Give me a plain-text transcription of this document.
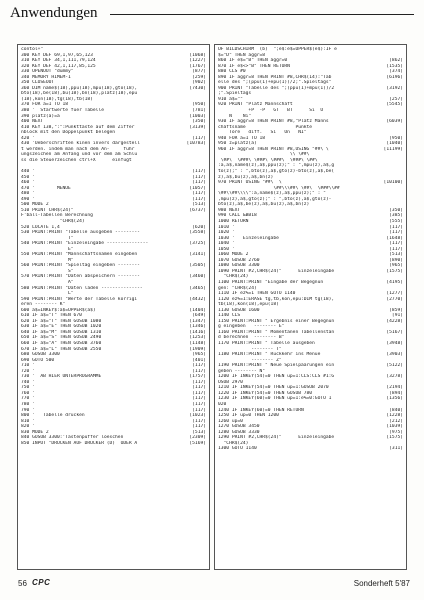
Anwendungen
contol+"
300 KEY DEF 69,1,97,65,123	[1068]
310 KEY DEF 34,1,111,79,124	[1227]
320 KEY DEF 42,1,117,85,125	[1767]
330 OPENOUT "dummy"	[877]
340 MEMORY HIMEM-1	[259]
350 CLOSEOUT	[902]
360 DIM name$(18),ppu(18),mpu(18),gto(18),	[7430]
bto(18),be(18),bu(18),bn(18),platz(18),epu
(18),kon(18),tg(18),tb(18)
370 FOR a=1 TO 18	[950]
380 '  Startwerte fuer Tabelle	[781]
390 platz(a)=a	[1003]
400 NEXT	[350]
410 KEY 138,":":Punkttaste auf dem Ziffer	[3139]
nblock mit den Doppelpunkt belegen
420 '	[117]
430 'Ueberschriften kinen invers dargestell	[10783]
t werden. indem man nach dem An-     fuhr
ungszeichen am Anfang und vor dem am Schlu
ss die Steuerzeichen ctrl+X      einfügt
440 '	[117]
450 '	[117]
460 '	[117]
470 '        MENUE	[1057]
480 '	[117]
490 '	[117]
500 MODE 2	[513]
510 PRINT CHR$(24)"	[6737]
F'ball-Tabellen Berechnung
"CHR$(24)
520 LOCATE 1,4	[620]
530 PRINT:PRINT "Tabelle ausgeben ---------	[3558]
T"
540 PRINT:PRINT "Einzeleingabe ---------------	[3725]
E"
550 PRINT:PRINT "Mannschaftsnamen eingeben	[3141]
M"
560 PRINT:PRINT "Spieltag eingeben --------	[3505]
S"
570 PRINT:PRINT "Daten abspeichern --------	[3460]
A"
580 PRINT:PRINT "Daten laden ---------------	[3465]
L"
590 PRINT:PRINT "Werte der Tabelle korrigi	[4432]
eren -------- K"
600 a$=INKEY$:a$=UPPER$(a$)	[1404]
610 IF a$="T" THEN 670	[649]
620 IF a$="T" THEN GOSUB 1080	[1347]
630 IF a$="E" THEN GOSUB 1020	[1346]
640 IF a$="M" THEN GOSUB 1310	[1416]
650 IF a$="S" THEN GOSUB 2490	[1253]
660 IF a$="A" THEN GOSUB 3760	[1148]
670 IF a$="L" THEN GOSUB 2550	[1909]
680 GOSUB 3300	[965]
690 GOTO 500	[401]
710 '	[117]
720 '	[117]
730 '  AB HIER UNTERPROGRAMME	[1757]
740 '	[117]
750 '	[117]
760 '	[117]
770 '	[117]
780 '	[117]
790 '	[117]
800 '   Tabelle drucken	[1023]
810 '	[117]
820 '	[117]
830 MODE 2	[513]
840 GOSUB 3300:'Tastenpuffer loeschen	[2309]
850 INPUT "DRUCKEN AUF DRUCKER (D)  ODER A	[5169]
UF BILDSCHIRM  (b)  ";e$:e$=UPPER$(e$):IF e
$="D" THEN aggr=8
860 IF e$="B" THEN aggr=0	[862]
870 IF e$<>"B" THEN RETURN	[1535]
880 CLS #0	[374]
890 IF aggr=8 THEN PRINT #8,CHR$(14):"Tab	[6196]
elle des ";(ppu(1)+epu(1))/2;".Spieltags"
900 PRINT "Tabelle des ";(ppu(1)+mpu(1))/2	[3192]
;".Spieltags
910 a$=""	[257]
920 PRINT "Platz Mannschaft	[5545]
+P  -P   GT   BT      Si  U
N    Ni"
930 IF aggr=8 THEN PRINT #8,"Platz Manns	[6039]
chaftsname                  Punkte
Tore   diff.   Si   Un   NI"
940 FOR a=1 TO 18	[950]
950 z=platz(a)	[1040]
960 IF aggr=8 THEN PRINT #8,USING "##\ \	[11199]
\\ \##\
\##\  \###\ \###\ \###\  \###\ \##\
:a,a$,name$(z),a$,ppu(z);" : ",mpu(z),a$,g
to(z);" : ",bto(z),a$,gto(z)-bto(z),a$,be(
z),a$,bu(z),a$,bn(z)
970 PRINT USING "##\  \	[10100]
\##\\\##\ \##\  \###\\##
\##\\##\\\\":a,name$(z),a$,ppu(z);" : "
,mpu(z),a$,gto(z);" : ",bto(z),a$,gto(z)-
bto(z),a$,be(z),a$,bu(z),a$,bn(z)
980 NEXT	[350]
990 CALL &BB18	[385]
1000 RETURN	[555]
1010 '	[117]
1020 '	[117]
1030 '   Einzeleingabe	[1648]
1040 '	[117]
1050 '	[117]
1060 MODE 2	[513]
1070 GOSUB 2760	[890]
1080 GOSUB 3300	[965]
1090 PRINT #2,CHR$(24)"      Einzeleingabe	[1575]
"CHR$(24)
1100 PRINT:PRINT "Eingabe der Begegnun	[4195]
gen: "CHR$(24)
1110 IF ez%=1 THEN GOTO 1140	[1277]
1120 ez%=1:ERASE tg,tb,kon,epu:DIM tg(18),	[2770]
tb(18),kon(18),epu(18)
1130 GOSUB 1600	[859]
1140 CLS	[91]
1150 PRINT:PRINT " Ergebnis einer Begegnun	[4228]
g eingeben   -------- E"
1160 PRINT:PRINT " Momentanen Tabellenstan	[5167]
d berechnen  -------- B"
1170 PRINT:PRINT " Tabelle ausgeben	[3948]
-------- T"
1180 PRINT:PRINT " Rückkehr ins Menue	[3903]
-------- Z"
1190 PRINT:PRINT " Neue Spielpaarungen ein	[5122]
geben -------- N"
1200 IF INKEY(54)=0 THEN up=1:CLS:CLS #1:G	[3278]
OSUB 2970
1210 IF INKEY(54)=0 THEN up=1:GOSUB 2070	[2194]
1220 IF INKEY(54)=0 THEN GOSUB 780	[894]
1230 IF INKEY(60)=0 THEN up=1:e%=0:GOTO 1	[1356]
020
1240 IF INKEY(60)=0 THEN RETURN	[840]
1250 IF up=0 THEN 1200	[1228]
1260 up=0	[212]
1270 GOSUB 3450	[1039]
1280 GOSUB 3330	[975]
1290 PRINT #2,CHR$(24)"      Einzeleingabe	[1575]
"CHR$(24)
1300 GOTO 1140	[311]
56 CPC	Sonderheft 5'87
